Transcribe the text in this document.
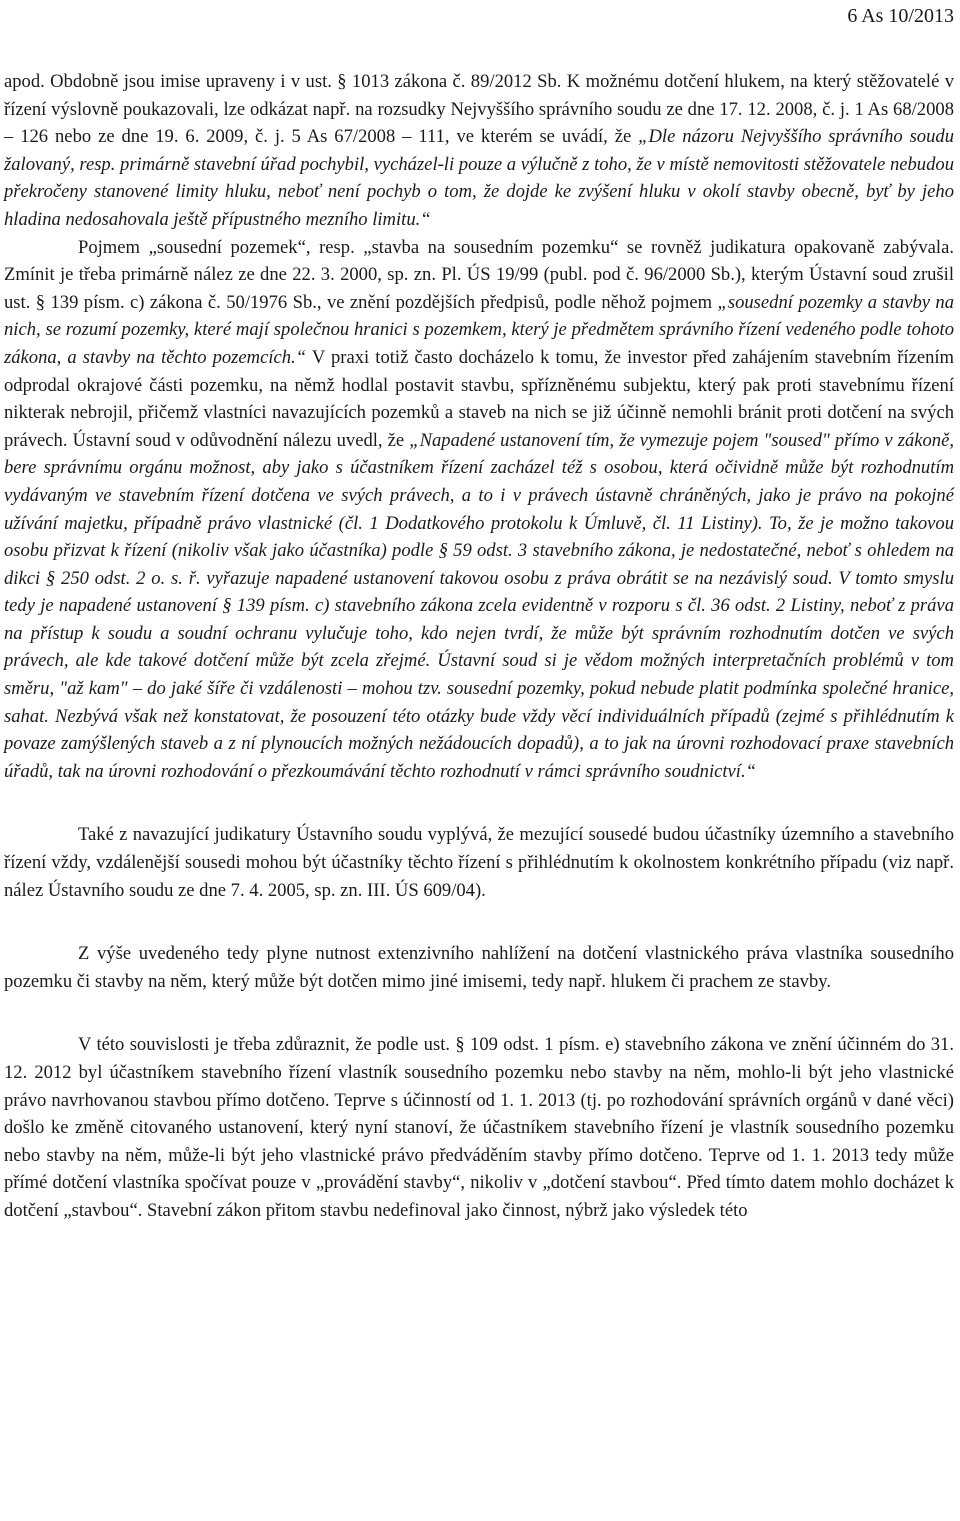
6 As 10/2013

apod. Obdobně jsou imise upraveny i v ust. § 1013 zákona č. 89/2012 Sb. K možnému dotčení hlukem, na který stěžovatelé v řízení výslovně poukazovali, lze odkázat např. na rozsudky Nejvyššího správního soudu ze dne 17. 12. 2008, č. j. 1 As 68/2008 – 126 nebo ze dne 19. 6. 2009, č. j. 5 As 67/2008 – 111, ve kterém se uvádí, že „Dle názoru Nejvyššího správního soudu žalovaný, resp. primárně stavební úřad pochybil, vycházel-li pouze a výlučně z toho, že v místě nemovitosti stěžovatele nebudou překročeny stanovené limity hluku, neboť není pochyb o tom, že dojde ke zvýšení hluku v okolí stavby obecně, byť by jeho hladina nedosahovala ještě přípustného mezního limitu.“

Pojmem „sousední pozemek“, resp. „stavba na sousedním pozemku“ se rovněž judikatura opakovaně zabývala. Zmínit je třeba primárně nález ze dne 22. 3. 2000, sp. zn. Pl. ÚS 19/99 (publ. pod č. 96/2000 Sb.), kterým Ústavní soud zrušil ust. § 139 písm. c) zákona č. 50/1976 Sb., ve znění pozdějších předpisů, podle něhož pojmem „sousední pozemky a stavby na nich, se rozumí pozemky, které mají společnou hranici s pozemkem, který je předmětem správního řízení vedeného podle tohoto zákona, a stavby na těchto pozemcích.“ V praxi totiž často docházelo k tomu, že investor před zahájením stavebním řízením odprodal okrajové části pozemku, na němž hodlal postavit stavbu, spřízněnému subjektu, který pak proti stavebnímu řízení nikterak nebrojil, přičemž vlastníci navazujících pozemků a staveb na nich se již účinně nemohli bránit proti dotčení na svých právech. Ústavní soud v odůvodnění nálezu uvedl, že „Napadené ustanovení tím, že vymezuje pojem "soused" přímo v zákoně, bere správnímu orgánu možnost, aby jako s účastníkem řízení zacházel též s osobou, která očividně může být rozhodnutím vydávaným ve stavebním řízení dotčena ve svých právech, a to i v právech ústavně chráněných, jako je právo na pokojné užívání majetku, případně právo vlastnické (čl. 1 Dodatkového protokolu k Úmluvě, čl. 11 Listiny). To, že je možno takovou osobu přizvat k řízení (nikoliv však jako účastníka) podle § 59 odst. 3 stavebního zákona, je nedostatečné, neboť s ohledem na dikci § 250 odst. 2 o. s. ř. vyřazuje napadené ustanovení takovou osobu z práva obrátit se na nezávislý soud. V tomto smyslu tedy je napadené ustanovení § 139 písm. c) stavebního zákona zcela evidentně v rozporu s čl. 36 odst. 2 Listiny, neboť z práva na přístup k soudu a soudní ochranu vylučuje toho, kdo nejen tvrdí, že může být správním rozhodnutím dotčen ve svých právech, ale kde takové dotčení může být zcela zřejmé. Ústavní soud si je vědom možných interpretačních problémů v tom směru, "až kam" – do jaké šíře či vzdálenosti – mohou tzv. sousední pozemky, pokud nebude platit podmínka společné hranice, sahat. Nezbývá však než konstatovat, že posouzení této otázky bude vždy věcí individuálních případů (zejmé s přihlédnutím k povaze zamýšlených staveb a z ní plynoucích možných nežádoucích dopadů), a to jak na úrovni rozhodovací praxe stavebních úřadů, tak na úrovni rozhodování o přezkoumávání těchto rozhodnutí v rámci správního soudnictví.“

Také z navazující judikatury Ústavního soudu vyplývá, že mezující sousedé budou účastníky územního a stavebního řízení vždy, vzdálenější sousedi mohou být účastníky těchto řízení s přihlédnutím k okolnostem konkrétního případu (viz např. nález Ústavního soudu ze dne 7. 4. 2005, sp. zn. III. ÚS 609/04).

Z výše uvedeného tedy plyne nutnost extenzivního nahlížení na dotčení vlastnického práva vlastníka sousedního pozemku či stavby na něm, který může být dotčen mimo jiné imisemi, tedy např. hlukem či prachem ze stavby.

V této souvislosti je třeba zdůraznit, že podle ust. § 109 odst. 1 písm. e) stavebního zákona ve znění účinném do 31. 12. 2012 byl účastníkem stavebního řízení vlastník sousedního pozemku nebo stavby na něm, mohlo-li být jeho vlastnické právo navrhovanou stavbou přímo dotčeno. Teprve s účinností od 1. 1. 2013 (tj. po rozhodování správních orgánů v dané věci) došlo ke změně citovaného ustanovení, který nyní stanoví, že účastníkem stavebního řízení je vlastník sousedního pozemku nebo stavby na něm, může-li být jeho vlastnické právo předváděním stavby přímo dotčeno. Teprve od 1. 1. 2013 tedy může přímé dotčení vlastníka spočívat pouze v „provádění stavby“, nikoliv v „dotčení stavbou“. Před tímto datem mohlo docházet k dotčení „stavbou“. Stavební zákon přitom stavbu nedefinoval jako činnost, nýbrž jako výsledek této
